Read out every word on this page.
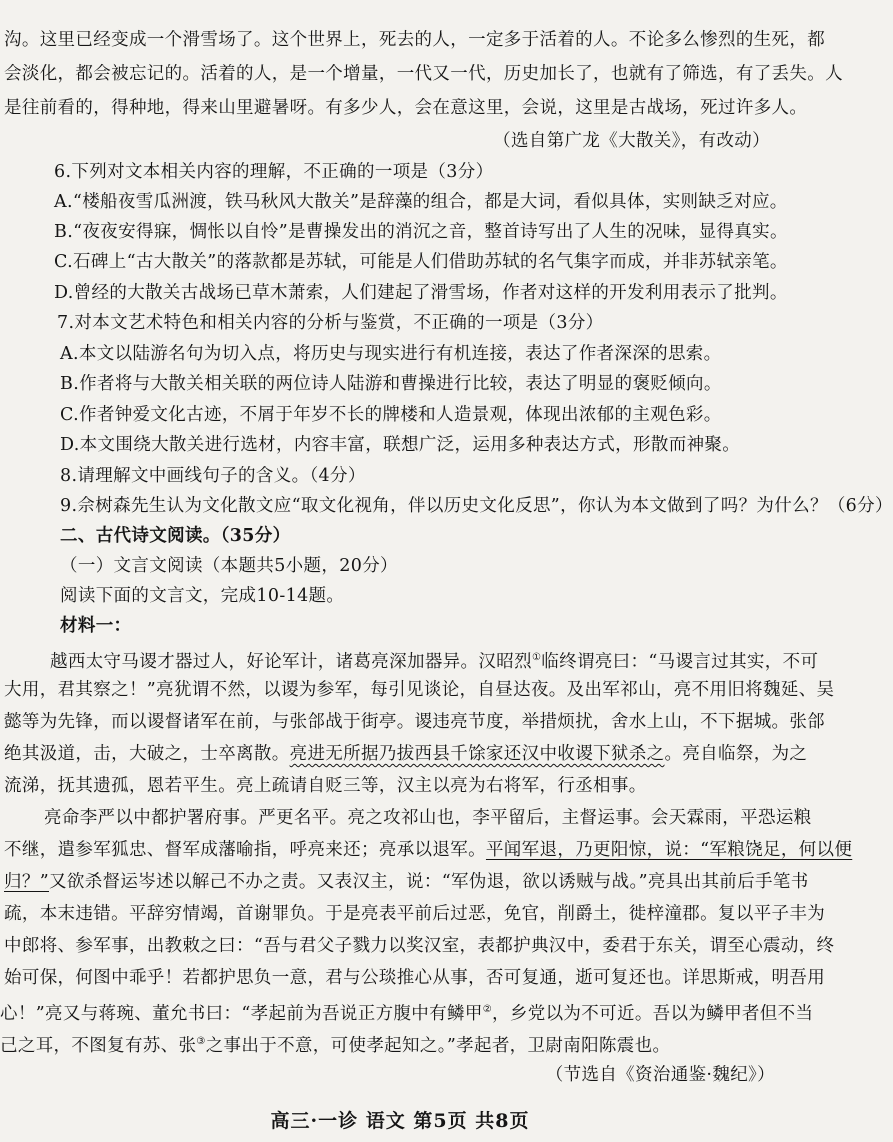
沟。这里已经变成一个滑雪场了。这个世界上，死去的人，一定多于活着的人。不论多么惨烈的生死，都
会淡化，都会被忘记的。活着的人，是一个增量，一代又一代，历史加长了，也就有了筛选，有了丢失。人
是往前看的，得种地，得来山里避暑呀。有多少人，会在意这里，会说，这里是古战场，死过许多人。
（选自第广龙《大散关》，有改动）
6.下列对文本相关内容的理解，不正确的一项是（3分）
A.“楼船夜雪瓜洲渡，铁马秋风大散关”是辞藻的组合，都是大词，看似具体，实则缺乏对应。
B.“夜夜安得寐，惆怅以自怜”是曹操发出的消沉之音，整首诗写出了人生的况味，显得真实。
C.石碑上“古大散关”的落款都是苏轼，可能是人们借助苏轼的名气集字而成，并非苏轼亲笔。
D.曾经的大散关古战场已草木萧索，人们建起了滑雪场，作者对这样的开发利用表示了批判。
7.对本文艺术特色和相关内容的分析与鉴赏，不正确的一项是（3分）
A.本文以陆游名句为切入点，将历史与现实进行有机连接，表达了作者深深的思索。
B.作者将与大散关相关联的两位诗人陆游和曹操进行比较，表达了明显的褒贬倾向。
C.作者钟爱文化古迹，不屑于年岁不长的牌楼和人造景观，体现出浓郁的主观色彩。
D.本文围绕大散关进行选材，内容丰富，联想广泛，运用多种表达方式，形散而神聚。
8.请理解文中画线句子的含义。（4分）
9.佘树森先生认为文化散文应“取文化视角，伴以历史文化反思”，你认为本文做到了吗？为什么？（6分）
二、古代诗文阅读。（35分）
（一）文言文阅读（本题共5小题，20分）
阅读下面的文言文，完成10-14题。
材料一：
越西太守马谡才器过人，好论军计，诸葛亮深加器异。汉昭烈①临终谓亮曰：“马谡言过其实，不可
大用，君其察之！”亮犹谓不然，以谡为参军，每引见谈论，自昼达夜。及出军祁山，亮不用旧将魏延、吴
懿等为先锋，而以谡督诸军在前，与张郃战于街亭。谡违亮节度，举措烦扰，舍水上山，不下据城。张郃
绝其汲道，击，大破之，士卒离散。亮进无所据乃拔西县千馀家还汉中收谡下狱杀之。亮自临祭，为之
流涕，抚其遗孤，恩若平生。亮上疏请自贬三等，汉主以亮为右将军，行丞相事。
亮命李严以中都护署府事。严更名平。亮之攻祁山也，李平留后，主督运事。会天霖雨，平恐运粮
不继，遣参军狐忠、督军成藩喻指，呼亮来还；亮承以退军。平闻军退，乃更阳惊，说：“军粮饶足，何以便
归？”又欲杀督运岑述以解己不办之责。又表汉主，说：“军伪退，欲以诱贼与战。”亮具出其前后手笔书
疏，本末违错。平辞穷情竭，首谢罪负。于是亮表平前后过恶，免官，削爵土，徙梓潼郡。复以平子丰为
中郎将、参军事，出教敕之曰：“吾与君父子戮力以奖汉室，表都护典汉中，委君于东关，谓至心震动，终
始可保，何图中乖乎！若都护思负一意，君与公琰推心从事，否可复通，逝可复还也。详思斯戒，明吾用
心！”亮又与蒋琬、董允书曰：“孝起前为吾说正方腹中有鳞甲②，乡党以为不可近。吾以为鳞甲者但不当
己之耳，不图复有苏、张③之事出于不意，可使孝起知之。”孝起者，卫尉南阳陈震也。
（节选自《资治通鉴·魏纪》）
高三·一诊 语文 第5页 共8页
